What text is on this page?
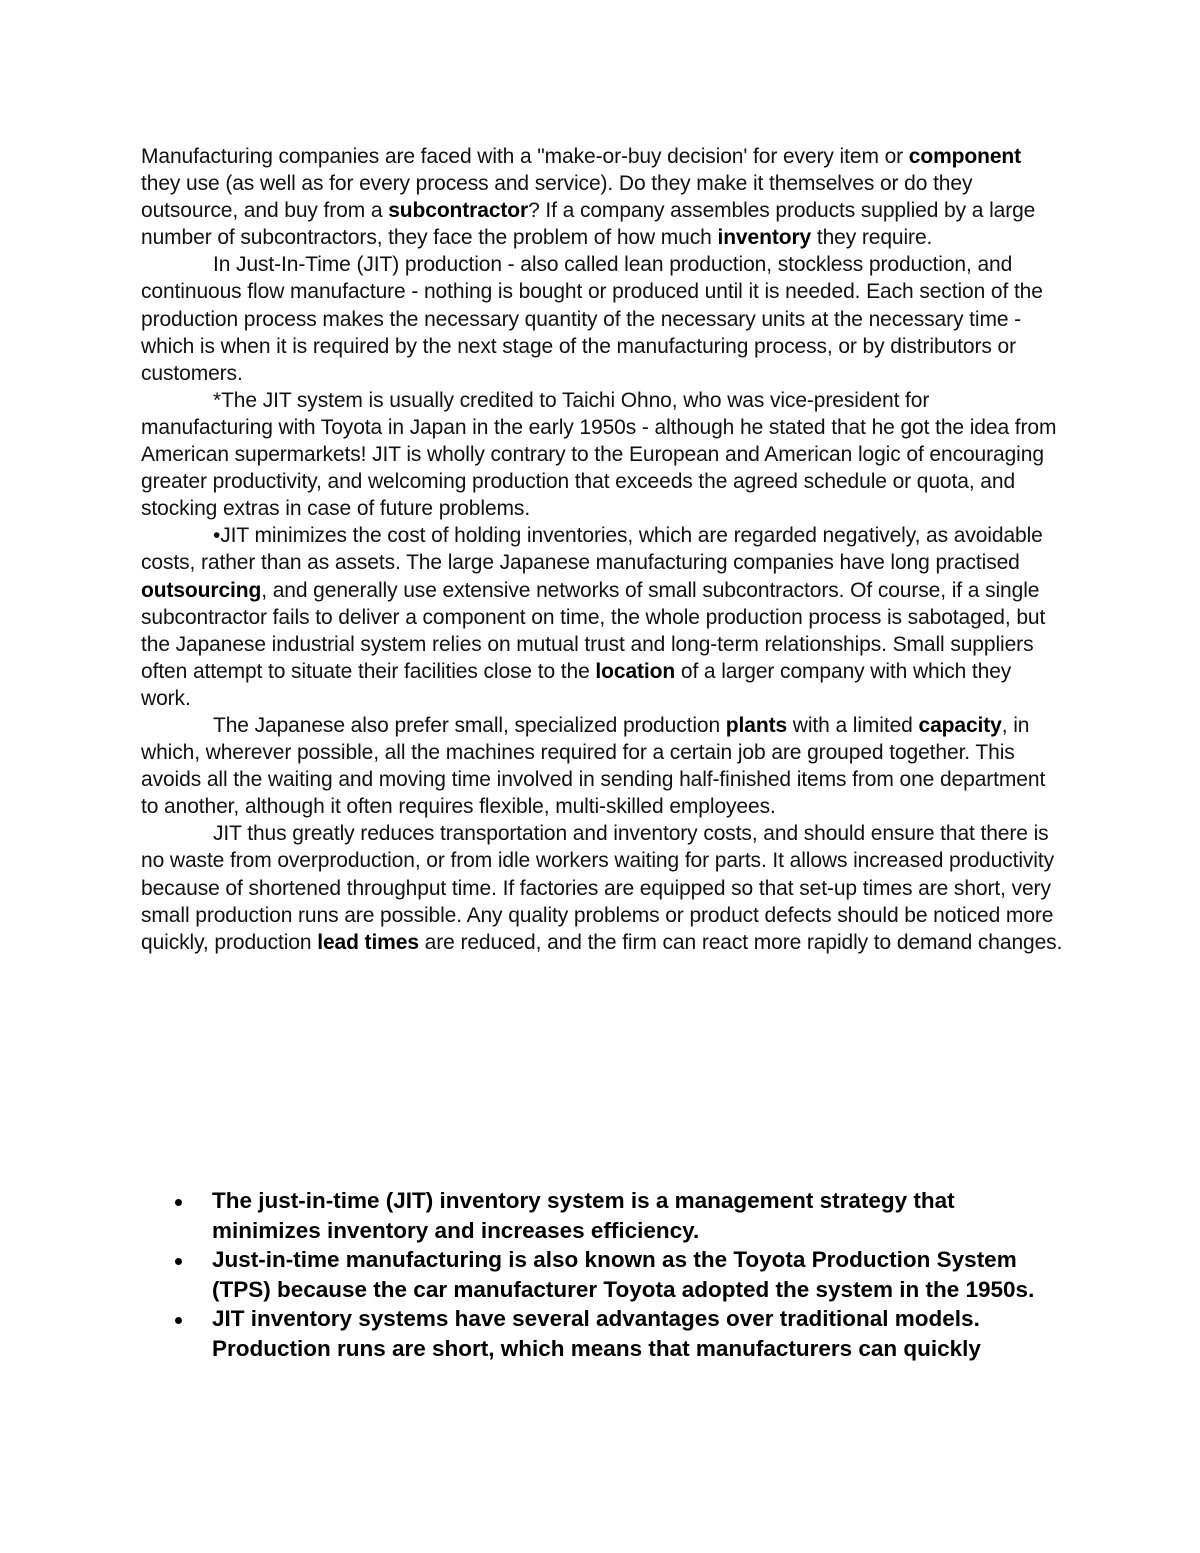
Manufacturing companies are faced with a "make-or-buy decision' for every item or component they use (as well as for every process and service). Do they make it themselves or do they outsource, and buy from a subcontractor? If a company assembles products supplied by a large number of subcontractors, they face the problem of how much inventory they require.

In Just-In-Time (JIT) production - also called lean production, stockless production, and continuous flow manufacture - nothing is bought or produced until it is needed. Each section of the production process makes the necessary quantity of the necessary units at the necessary time - which is when it is required by the next stage of the manufacturing process, or by distributors or customers.

*The JIT system is usually credited to Taichi Ohno, who was vice-president for manufacturing with Toyota in Japan in the early 1950s - although he stated that he got the idea from American supermarkets! JIT is wholly contrary to the European and American logic of encouraging greater productivity, and welcoming production that exceeds the agreed schedule or quota, and stocking extras in case of future problems.

•JIT minimizes the cost of holding inventories, which are regarded negatively, as avoidable costs, rather than as assets. The large Japanese manufacturing companies have long practised outsourcing, and generally use extensive networks of small subcontractors. Of course, if a single subcontractor fails to deliver a component on time, the whole production process is sabotaged, but the Japanese industrial system relies on mutual trust and long-term relationships. Small suppliers often attempt to situate their facilities close to the location of a larger company with which they work.

The Japanese also prefer small, specialized production plants with a limited capacity, in which, wherever possible, all the machines required for a certain job are grouped together. This avoids all the waiting and moving time involved in sending half-finished items from one department to another, although it often requires flexible, multi-skilled employees.

JIT thus greatly reduces transportation and inventory costs, and should ensure that there is no waste from overproduction, or from idle workers waiting for parts. It allows increased productivity because of shortened throughput time. If factories are equipped so that set-up times are short, very small production runs are possible. Any quality problems or product defects should be noticed more quickly, production lead times are reduced, and the firm can react more rapidly to demand changes.

The just-in-time (JIT) inventory system is a management strategy that minimizes inventory and increases efficiency.
Just-in-time manufacturing is also known as the Toyota Production System (TPS) because the car manufacturer Toyota adopted the system in the 1950s.
JIT inventory systems have several advantages over traditional models. Production runs are short, which means that manufacturers can quickly
